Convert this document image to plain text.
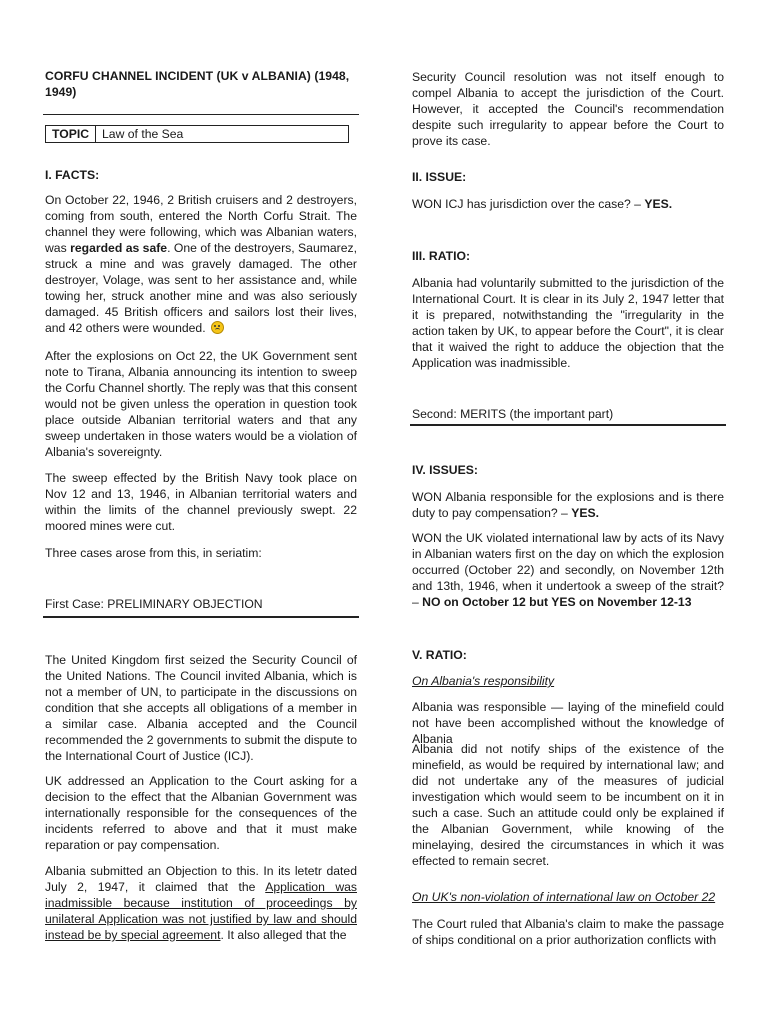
CORFU CHANNEL INCIDENT (UK v ALBANIA) (1948, 1949)
TOPIC	Law of the Sea
I. FACTS:

On October 22, 1946, 2 British cruisers and 2 destroyers, coming from south, entered the North Corfu Strait. The channel they were following, which was Albanian waters, was regarded as safe. One of the destroyers, Saumarez, struck a mine and was gravely damaged. The other destroyer, Volage, was sent to her assistance and, while towing her, struck another mine and was also seriously damaged. 45 British officers and sailors lost their lives, and 42 others were wounded.

After the explosions on Oct 22, the UK Government sent note to Tirana, Albania announcing its intention to sweep the Corfu Channel shortly. The reply was that this consent would not be given unless the operation in question took place outside Albanian territorial waters and that any sweep undertaken in those waters would be a violation of Albania's sovereignty.

The sweep effected by the British Navy took place on Nov 12 and 13, 1946, in Albanian territorial waters and within the limits of the channel previously swept. 22 moored mines were cut.

Three cases arose from this, in seriatim:

First Case: PRELIMINARY OBJECTION

The United Kingdom first seized the Security Council of the United Nations. The Council invited Albania, which is not a member of UN, to participate in the discussions on condition that she accepts all obligations of a member in a similar case. Albania accepted and the Council recommended the 2 governments to submit the dispute to the International Court of Justice (ICJ).

UK addressed an Application to the Court asking for a decision to the effect that the Albanian Government was internationally responsible for the consequences of the incidents referred to above and that it must make reparation or pay compensation.

Albania submitted an Objection to this. In its letetr dated July 2, 1947, it claimed that the Application was inadmissible because institution of proceedings by unilateral Application was not justified by law and should instead be by special agreement. It also alleged that the

Security Council resolution was not itself enough to compel Albania to accept the jurisdiction of the Court. However, it accepted the Council's recommendation despite such irregularity to appear before the Court to prove its case.

II. ISSUE:

WON ICJ has jurisdiction over the case? – YES.

III. RATIO:

Albania had voluntarily submitted to the jurisdiction of the International Court. It is clear in its July 2, 1947 letter that it is prepared, notwithstanding the "irregularity in the action taken by UK, to appear before the Court", it is clear that it waived the right to adduce the objection that the Application was inadmissible.

Second: MERITS (the important part)
IV. ISSUES:

WON Albania responsible for the explosions and is there duty to pay compensation? – YES.

WON the UK violated international law by acts of its Navy in Albanian waters first on the day on which the explosion occurred (October 22) and secondly, on November 12th and 13th, 1946, when it undertook a sweep of the strait? – NO on October 12 but YES on November 12-13

V. RATIO:
On Albania's responsibility

Albania was responsible — laying of the minefield could not have been accomplished without the knowledge of Albania

Albania did not notify ships of the existence of the minefield, as would be required by international law; and did not undertake any of the measures of judicial investigation which would seem to be incumbent on it in such a case. Such an attitude could only be explained if the Albanian Government, while knowing of the minelaying, desired the circumstances in which it was effected to remain secret.

On UK's non-violation of international law on October 22

The Court ruled that Albania's claim to make the passage of ships conditional on a prior authorization conflicts with
